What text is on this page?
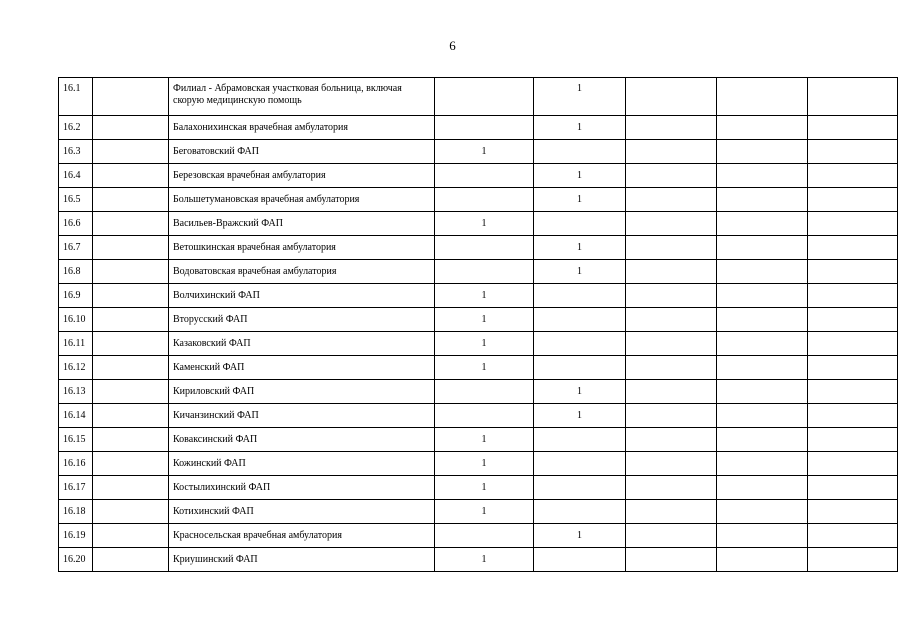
6
16.1		Филиал - Абрамовская участковая больница, включая скорую медицинскую помощь		1			
16.2		Балахонихинская врачебная амбулатория		1			
16.3		Беговатовский ФАП	1				
16.4		Березовская врачебная амбулатория		1			
16.5		Большетумановская врачебная амбулатория		1			
16.6		Васильев-Вражский ФАП	1				
16.7		Ветошкинская врачебная амбулатория		1			
16.8		Водоватовская врачебная амбулатория		1			
16.9		Волчихинский ФАП	1				
16.10		Вторусский ФАП	1				
16.11		Казаковский ФАП	1				
16.12		Каменский ФАП	1				
16.13		Кириловский ФАП		1			
16.14		Кичанзинский ФАП		1			
16.15		Коваксинский ФАП	1				
16.16		Кожинский ФАП	1				
16.17		Костылихинский ФАП	1				
16.18		Котихинский ФАП	1				
16.19		Красносельская врачебная амбулатория		1			
16.20		Криушинский ФАП	1				
